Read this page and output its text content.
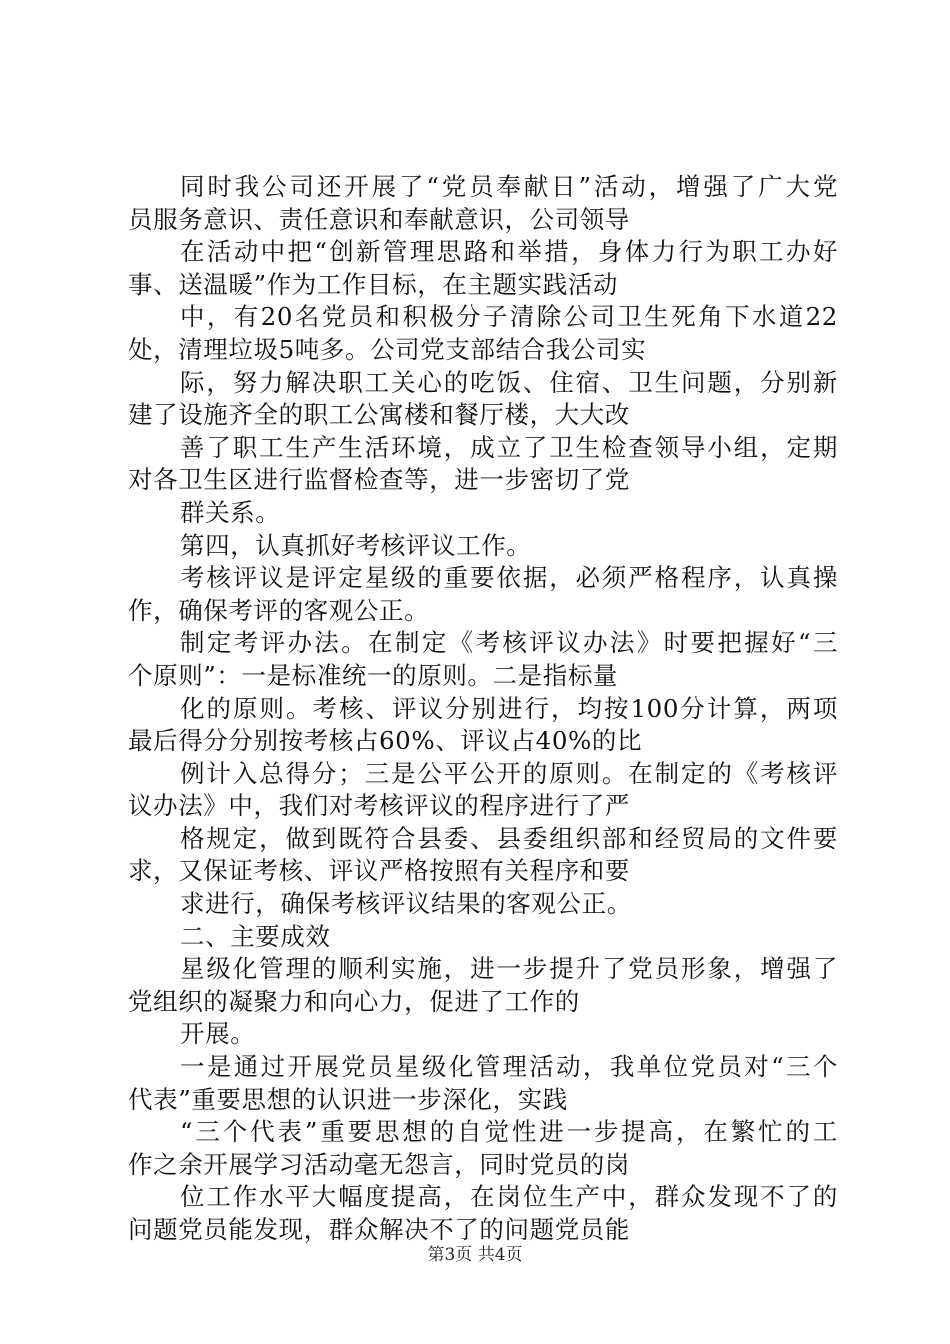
同时我公司还开展了“党员奉献日”活动，增强了广大党
员服务意识、责任意识和奉献意识，公司领导
在活动中把“创新管理思路和举措，身体力行为职工办好
事、送温暖”作为工作目标，在主题实践活动
中，有20名党员和积极分子清除公司卫生死角下水道22
处，清理垃圾5吨多。公司党支部结合我公司实
际，努力解决职工关心的吃饭、住宿、卫生问题，分别新
建了设施齐全的职工公寓楼和餐厅楼，大大改
善了职工生产生活环境，成立了卫生检查领导小组，定期
对各卫生区进行监督检查等，进一步密切了党
群关系。
第四，认真抓好考核评议工作。
考核评议是评定星级的重要依据，必须严格程序，认真操
作，确保考评的客观公正。
制定考评办法。在制定《考核评议办法》时要把握好“三
个原则”：一是标准统一的原则。二是指标量
化的原则。考核、评议分别进行，均按100分计算，两项
最后得分分别按考核占60%、评议占40%的比
例计入总得分；三是公平公开的原则。在制定的《考核评
议办法》中，我们对考核评议的程序进行了严
格规定，做到既符合县委、县委组织部和经贸局的文件要
求，又保证考核、评议严格按照有关程序和要
求进行，确保考核评议结果的客观公正。
二、主要成效
星级化管理的顺利实施，进一步提升了党员形象，增强了
党组织的凝聚力和向心力，促进了工作的
开展。
一是通过开展党员星级化管理活动，我单位党员对“三个
代表”重要思想的认识进一步深化，实践
“三个代表”重要思想的自觉性进一步提高，在繁忙的工
作之余开展学习活动毫无怨言，同时党员的岗
位工作水平大幅度提高，在岗位生产中，群众发现不了的
问题党员能发现，群众解决不了的问题党员能
第3页 共4页
